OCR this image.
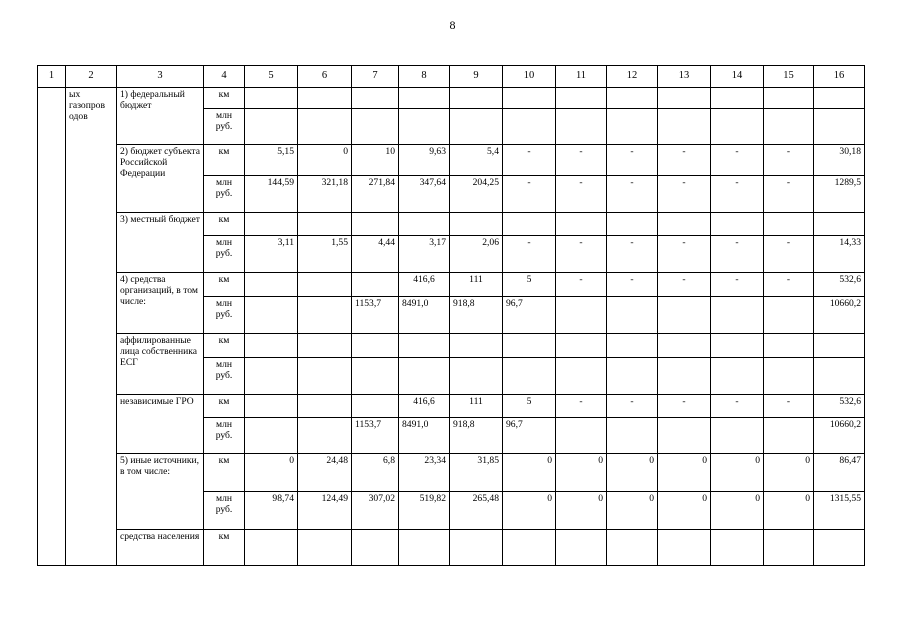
8
1	2	3	4	5	6	7	8	9	10	11	12	13	14	15	16
	ых газопров одов	1) федеральный бюджет	км												
			млн руб.												
		2) бюджет субъекта Российской Федерации	км	5,15	0	10	9,63	5,4	-	-	-	-	-	-	30,18
			млн руб.	144,59	321,18	271,84	347,64	204,25	-	-	-	-	-	-	1289,5
		3) местный бюджет	км												
			млн руб.	3,11	1,55	4,44	3,17	2,06	-	-	-	-	-	-	14,33
		4) средства организаций, в том числе:	км				416,6	111	5	-	-	-	-	-	532,6
			млн руб.			1153,7	8491,0	918,8	96,7						10660,2
		аффилированные лица собственника ЕСГ	км												
			млн руб.												
		независимые ГРО	км				416,6	111	5	-	-	-	-	-	532,6
			млн руб.			1153,7	8491,0	918,8	96,7						10660,2
		5) иные источники, в том числе:	км	0	24,48	6,8	23,34	31,85	0	0	0	0	0	0	86,47
			млн руб.	98,74	124,49	307,02	519,82	265,48	0	0	0	0	0	0	1315,55
		средства населения	км												
